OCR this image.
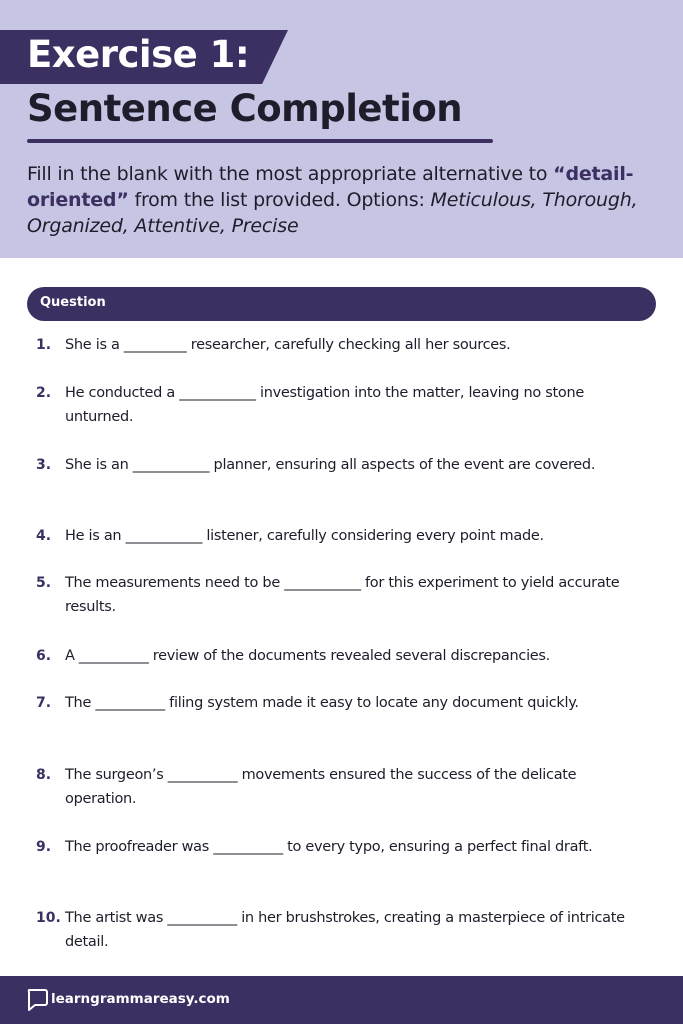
Exercise 1:
Sentence Completion

Fill in the blank with the most appropriate alternative to “detail-oriented” from the list provided. Options: Meticulous, Thorough, Organized, Attentive, Precise

Question
1. She is a _________ researcher, carefully checking all her sources.
2. He conducted a ___________ investigation into the matter, leaving no stone unturned.
3. She is an ___________ planner, ensuring all aspects of the event are covered.
4. He is an ___________ listener, carefully considering every point made.
5. The measurements need to be ___________ for this experiment to yield accurate results.
6. A __________ review of the documents revealed several discrepancies.
7. The __________ filing system made it easy to locate any document quickly.
8. The surgeon’s __________ movements ensured the success of the delicate operation.
9. The proofreader was __________ to every typo, ensuring a perfect final draft.
10. The artist was __________ in her brushstrokes, creating a masterpiece of intricate detail.
learngrammareasy.com
